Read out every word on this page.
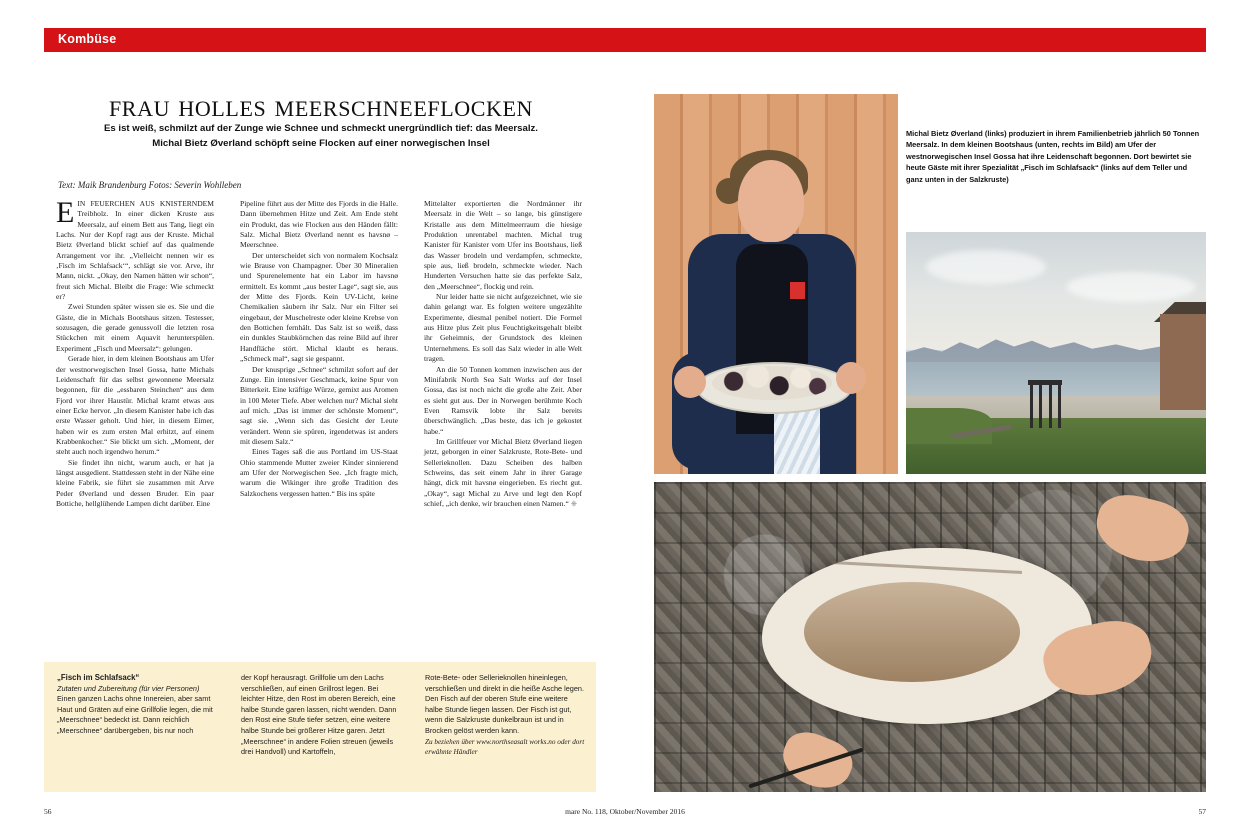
Kombüse
frau holles meerschneeflocken
Es ist weiß, schmilzt auf der Zunge wie Schnee und schmeckt unergründlich tief: das Meersalz.
Michal Bietz Øverland schöpft seine Flocken auf einer norwegischen Insel
Text: Maik Brandenburg Fotos: Severin Wohlleben

EIN FEUERCHEN AUS KNISTERNDEM Treibholz. In einer dicken Kruste aus Meersalz, auf einem Bett aus Tang, liegt ein Lachs. Nur der Kopf ragt aus der Kruste. Michal Bietz Øverland blickt schief auf das qualmende Arrangement vor ihr. „Vielleicht nennen wir es ‚Fisch im Schlafsack‘“, schlägt sie vor. Arve, ihr Mann, nickt. „Okay, den Namen hätten wir schon“, freut sich Michal. Bleibt die Frage: Wie schmeckt er?

Zwei Stunden später wissen sie es. Sie und die Gäste, die in Michals Bootshaus sitzen. Testesser, sozusagen, die gerade genussvoll die letzten rosa Stückchen mit einem Aquavit herunterspülen. Experiment „Fisch und Meersalz“: gelungen.

Gerade hier, in dem kleinen Bootshaus am Ufer der westnorwegischen Insel Gossa, hatte Michals Leidenschaft für das selbst gewonnene Meersalz begonnen, für die „essbaren Steinchen“ aus dem Fjord vor ihrer Haustür. Michal kramt etwas aus einer Ecke hervor. „In diesem Kanister habe ich das erste Wasser geholt. Und hier, in diesem Eimer, haben wir es zum ersten Mal erhitzt, auf einem Krabbenkocher.“ Sie blickt um sich. „Moment, der steht auch noch irgendwo herum.“

Sie findet ihn nicht, warum auch, er hat ja längst ausgedient. Stattdessen steht in der Nähe eine kleine Fabrik, sie führt sie zusammen mit Arve Peder Øverland und dessen Bruder. Ein paar Bottiche, hellglühende Lampen dicht darüber. Eine

Pipeline führt aus der Mitte des Fjords in die Halle. Dann übernehmen Hitze und Zeit. Am Ende steht ein Produkt, das wie Flocken aus den Händen fällt: Salz. Michal Bietz Øverland nennt es havsnø – Meerschnee.

Der unterscheidet sich von normalem Kochsalz wie Brause von Champagner. Über 30 Mineralien und Spurenelemente hat ein Labor im havsnø ermittelt. Es kommt „aus bester Lage“, sagt sie, aus der Mitte des Fjords. Kein UV-Licht, keine Chemikalien säubern ihr Salz. Nur ein Filter sei eingebaut, der Muschelreste oder kleine Krebse von den Bottichen fernhält. Das Salz ist so weiß, dass ein dunkles Staubkörnchen das reine Bild auf ihrer Handfläche stört. Michal klaubt es heraus. „Schmeck mal“, sagt sie gespannt.

Der knusprige „Schnee“ schmilzt sofort auf der Zunge. Ein intensiver Geschmack, keine Spur von Bitterkeit. Eine kräftige Würze, gemixt aus Aromen in 100 Meter Tiefe. Aber welchen nur? Michal sieht auf mich. „Das ist immer der schönste Moment“, sagt sie. „Wenn sich das Gesicht der Leute verändert. Wenn sie spüren, irgendetwas ist anders mit diesem Salz.“

Eines Tages saß die aus Portland im US-Staat Ohio stammende Mutter zweier Kinder sinnierend am Ufer der Norwegischen See. „Ich fragte mich, warum die Wikinger ihre große Tradition des Salzkochens vergessen hatten.“ Bis ins späte

Mittelalter exportierten die Nordmänner ihr Meersalz in die Welt – so lange, bis günstigere Kristalle aus dem Mittelmeerraum die hiesige Produktion unrentabel machten. Michal trug Kanister für Kanister vom Ufer ins Bootshaus, ließ das Wasser brodeln und verdampfen, schmeckte, spie aus, ließ brodeln, schmeckte wieder. Nach Hunderten Versuchen hatte sie das perfekte Salz, den „Meerschnee“, flockig und rein.

Nur leider hatte sie nicht aufgezeichnet, wie sie dahin gelangt war. Es folgten weitere ungezählte Experimente, diesmal penibel notiert. Die Formel aus Hitze plus Zeit plus Feuchtigkeitsgehalt bleibt ihr Geheimnis, der Grundstock des kleinen Unternehmens. Es soll das Salz wieder in alle Welt tragen.

An die 50 Tonnen kommen inzwischen aus der Minifabrik North Sea Salt Works auf der Insel Gossa, das ist noch nicht die große alte Zeit. Aber es sieht gut aus. Der in Norwegen berühmte Koch Even Ramsvik lobte ihr Salz bereits überschwänglich. „Das beste, das ich je gekostet habe.“

Im Grillfeuer vor Michal Bietz Øverland liegen jetzt, geborgen in einer Salzkruste, Rote-Bete- und Sellerieknollen. Dazu Scheiben des halben Schweins, das seit einem Jahr in ihrer Garage hängt, dick mit havsnø eingerieben. Es riecht gut. „Okay“, sagt Michal zu Arve und legt den Kopf schief, „ich denke, wir brauchen einen Namen.“ ⎈

„Fisch im Schlafsack“

Zutaten und Zubereitung (für vier Personen)

Einen ganzen Lachs ohne Innereien, aber samt Haut und Gräten auf eine Grillfolie legen, die mit „Meerschnee“ bedeckt ist. Dann reichlich „Meerschnee“ darübergeben, bis nur noch

der Kopf herausragt. Grillfolie um den Lachs verschließen, auf einen Grillrost legen. Bei leichter Hitze, den Rost im oberen Bereich, eine halbe Stunde garen lassen, nicht wenden. Dann den Rost eine Stufe tiefer setzen, eine weitere halbe Stunde bei größerer Hitze garen. Jetzt „Meerschnee“ in andere Folien streuen (jeweils drei Handvoll) und Kartoffeln,

Rote-Bete- oder Sellerieknollen hineinlegen, verschließen und direkt in die heiße Asche legen. Den Fisch auf der oberen Stufe eine weitere halbe Stunde liegen lassen. Der Fisch ist gut, wenn die Salzkruste dunkelbraun ist und in Brocken gelöst werden kann.

Zu beziehen über www.northseasalt works.no oder dort erwähnte Händler

Michal Bietz Øverland (links) produziert in ihrem Familienbetrieb jährlich 50 Tonnen Meersalz. In dem kleinen Bootshaus (unten, rechts im Bild) am Ufer der westnorwegischen Insel Gossa hat ihre Leidenschaft begonnen. Dort bewirtet sie heute Gäste mit ihrer Spezialität „Fisch im Schlafsack“ (links auf dem Teller und ganz unten in der Salzkruste)
56	mare No. 118, Oktober/November 2016	57
